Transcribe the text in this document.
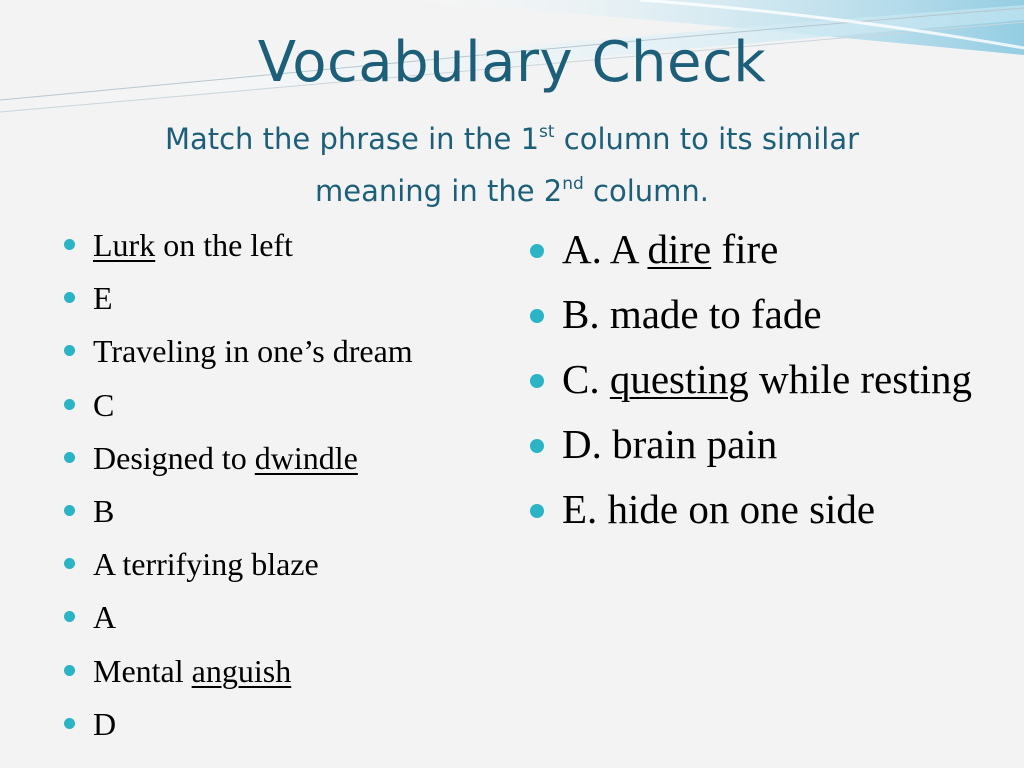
Vocabulary Check
Match the phrase in the 1st column to its similar
meaning in the 2nd column.
Lurk on the left
E
Traveling in one’s dream
C
Designed to dwindle
B
A terrifying blaze
A
Mental anguish
D
A. A dire fire
B. made to fade
C. questing while resting
D. brain pain
E. hide on one side
